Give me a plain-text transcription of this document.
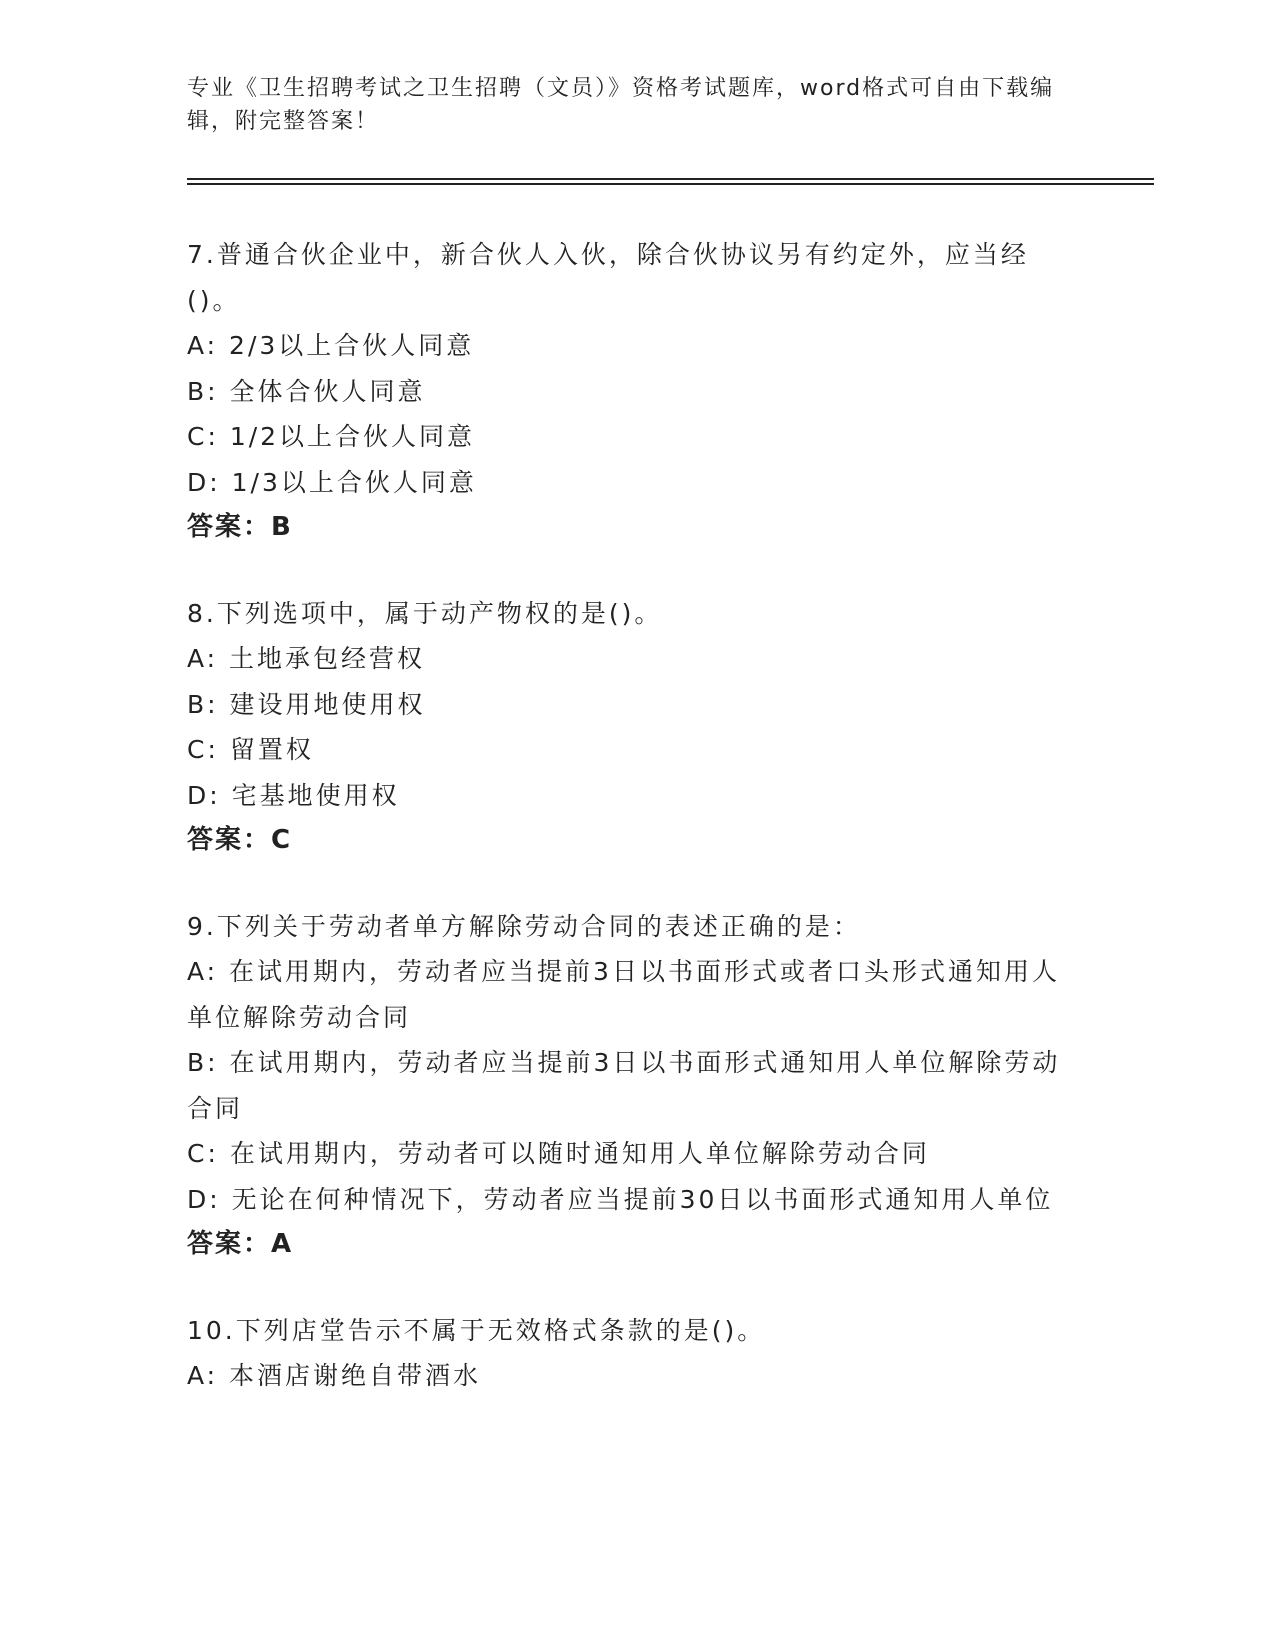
专业《卫生招聘考试之卫生招聘（文员）》资格考试题库，word格式可自由下载编辑，附完整答案！
7.普通合伙企业中，新合伙人入伙，除合伙协议另有约定外，应当经()。
A: 2/3以上合伙人同意
B: 全体合伙人同意
C: 1/2以上合伙人同意
D: 1/3以上合伙人同意
答案：B
8.下列选项中，属于动产物权的是()。
A: 土地承包经营权
B: 建设用地使用权
C: 留置权
D: 宅基地使用权
答案：C
9.下列关于劳动者单方解除劳动合同的表述正确的是：
A: 在试用期内，劳动者应当提前3日以书面形式或者口头形式通知用人单位解除劳动合同
B: 在试用期内，劳动者应当提前3日以书面形式通知用人单位解除劳动合同
C: 在试用期内，劳动者可以随时通知用人单位解除劳动合同
D: 无论在何种情况下，劳动者应当提前30日以书面形式通知用人单位
答案：A
10.下列店堂告示不属于无效格式条款的是()。
A: 本酒店谢绝自带酒水
